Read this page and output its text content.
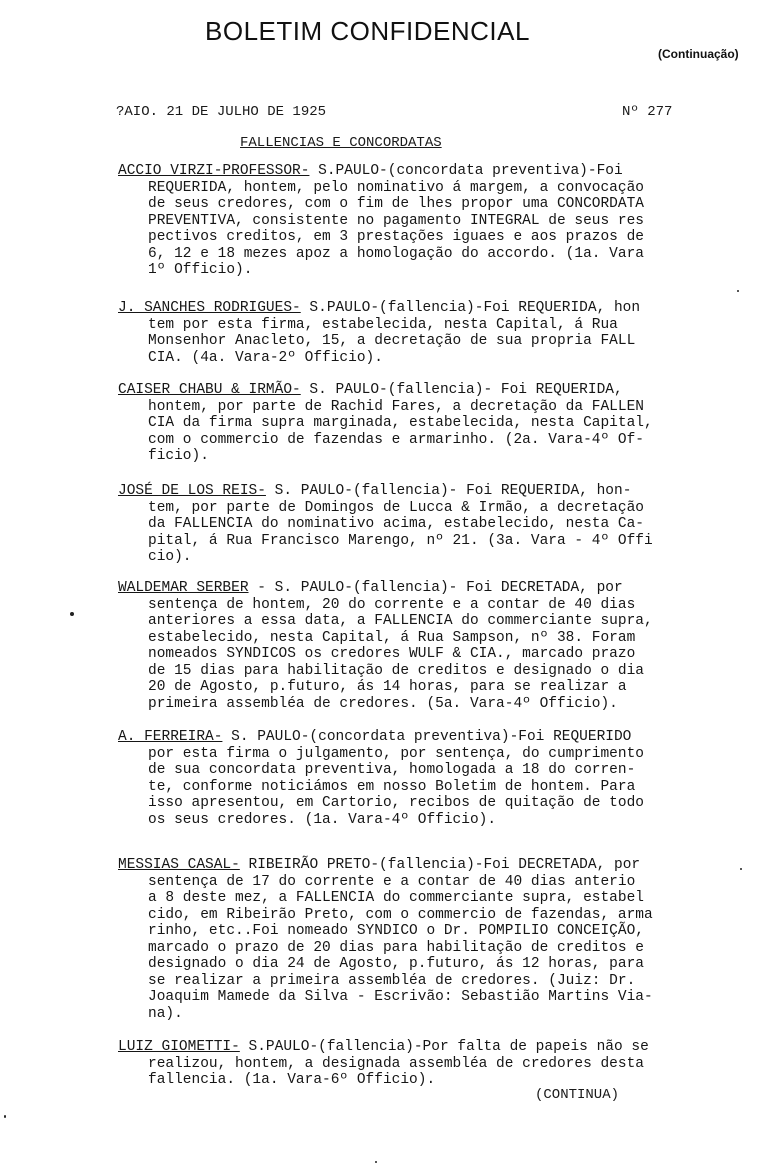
BOLETIM CONFIDENCIAL
(Continuação)
?AIO. 21 DE JULHO DE 1925	Nº 277
FALLENCIAS E CONCORDATAS

ACCIO VIRZI-PROFESSOR- S.PAULO-(concordata preventiva)-Foi

REQUERIDA, hontem, pelo nominativo á margem, a convocação

de seus credores, com o fim de lhes propor uma CONCORDATA

PREVENTIVA, consistente no pagamento INTEGRAL de seus res

pectivos creditos, em 3 prestações iguaes e aos prazos de

6, 12 e 18 mezes apoz a homologação do accordo. (1a. Vara

1º Officio).

J. SANCHES RODRIGUES- S.PAULO-(fallencia)-Foi REQUERIDA, hon

tem por esta firma, estabelecida, nesta Capital, á Rua

Monsenhor Anacleto, 15, a decretação de sua propria FALL

CIA. (4a. Vara-2º Officio).

CAISER CHABU & IRMÃO- S. PAULO-(fallencia)- Foi REQUERIDA,

hontem, por parte de Rachid Fares, a decretação da FALLEN

CIA da firma supra marginada, estabelecida, nesta Capital,

com o commercio de fazendas e armarinho. (2a. Vara-4º Of-

ficio).

JOSÉ DE LOS REIS- S. PAULO-(fallencia)- Foi REQUERIDA, hon-

tem, por parte de Domingos de Lucca & Irmão, a decretação

da FALLENCIA do nominativo acima, estabelecido, nesta Ca-

pital, á Rua Francisco Marengo, nº 21. (3a. Vara - 4º Offi

cio).

WALDEMAR SERBER - S. PAULO-(fallencia)- Foi DECRETADA, por

sentença de hontem, 20 do corrente e a contar de 40 dias

anteriores a essa data, a FALLENCIA do commerciante supra,

estabelecido, nesta Capital, á Rua Sampson, nº 38. Foram

nomeados SYNDICOS os credores WULF & CIA., marcado prazo

de 15 dias para habilitação de creditos e designado o dia

20 de Agosto, p.futuro, ás 14 horas, para se realizar a

primeira assembléa de credores. (5a. Vara-4º Officio).

A. FERREIRA- S. PAULO-(concordata preventiva)-Foi REQUERIDO

por esta firma o julgamento, por sentença, do cumprimento

de sua concordata preventiva, homologada a 18 do corren-

te, conforme noticiámos em nosso Boletim de hontem. Para

isso apresentou, em Cartorio, recibos de quitação de todo

os seus credores. (1a. Vara-4º Officio).

MESSIAS CASAL- RIBEIRÃO PRETO-(fallencia)-Foi DECRETADA, por

sentença de 17 do corrente e a contar de 40 dias anterio

a 8 deste mez, a FALLENCIA do commerciante supra, estabel

cido, em Ribeirão Preto, com o commercio de fazendas, arma

rinho, etc..Foi nomeado SYNDICO o Dr. POMPILIO CONCEIÇÃO,

marcado o prazo de 20 dias para habilitação de creditos e

designado o dia 24 de Agosto, p.futuro, ás 12 horas, para

se realizar a primeira assembléa de credores. (Juiz: Dr.

Joaquim Mamede da Silva - Escrivão: Sebastião Martins Via-

na).

LUIZ GIOMETTI- S.PAULO-(fallencia)-Por falta de papeis não se

realizou, hontem, a designada assembléa de credores desta

fallencia. (1a. Vara-6º Officio).

(CONTINUA)
